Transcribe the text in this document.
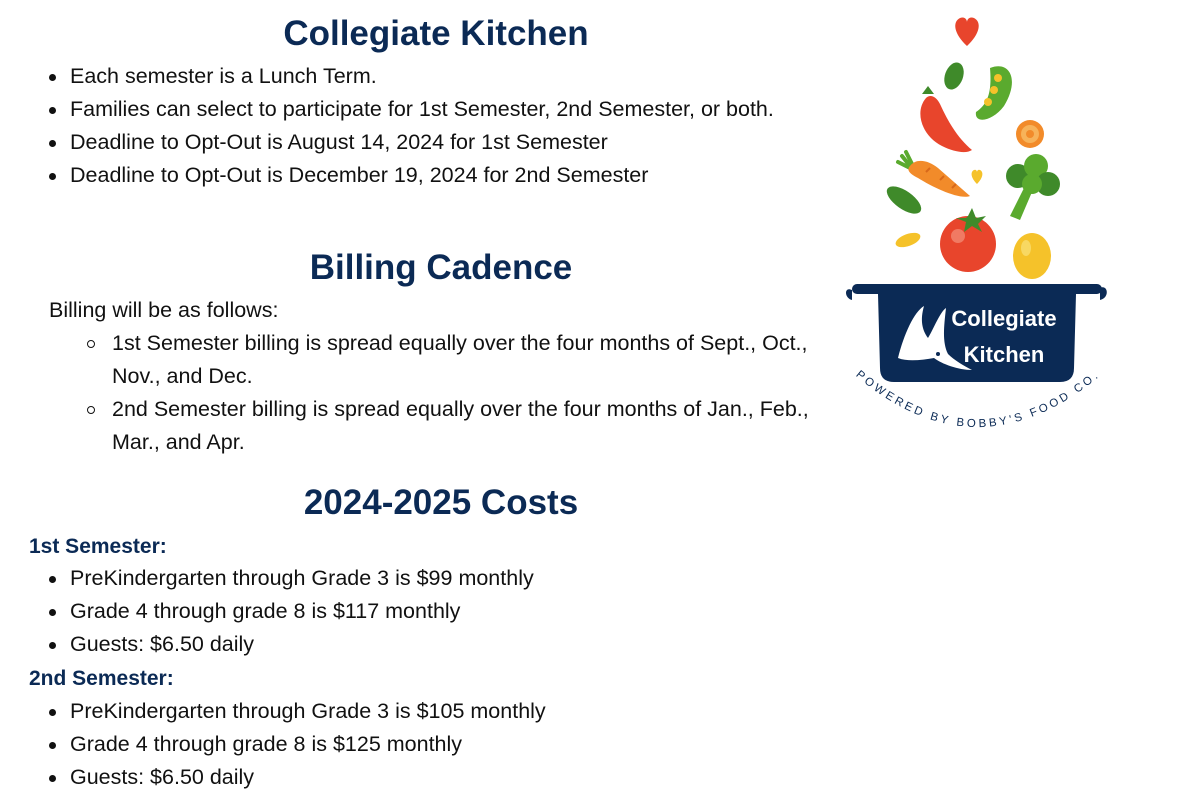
Collegiate Kitchen
Each semester is a Lunch Term.
Families can select to participate for 1st Semester, 2nd Semester, or both.
Deadline to Opt-Out is August 14, 2024 for 1st Semester
Deadline to Opt-Out is December 19, 2024 for 2nd Semester
Billing Cadence

Billing will be as follows:

1st Semester billing is spread equally over the four months of Sept., Oct., Nov., and Dec.
2nd Semester billing is spread equally over the four months of Jan., Feb., Mar., and Apr.
2024-2025 Costs

1st Semester:

PreKindergarten through Grade 3 is $99 monthly
Grade 4 through grade 8 is $117 monthly
Guests: $6.50 daily

2nd Semester:

PreKindergarten through Grade 3 is $105 monthly
Grade 4 through grade 8 is $125 monthly
Guests: $6.50 daily
Collegiate
Kitchen
POWERED BY BOBBY'S FOOD CO.
